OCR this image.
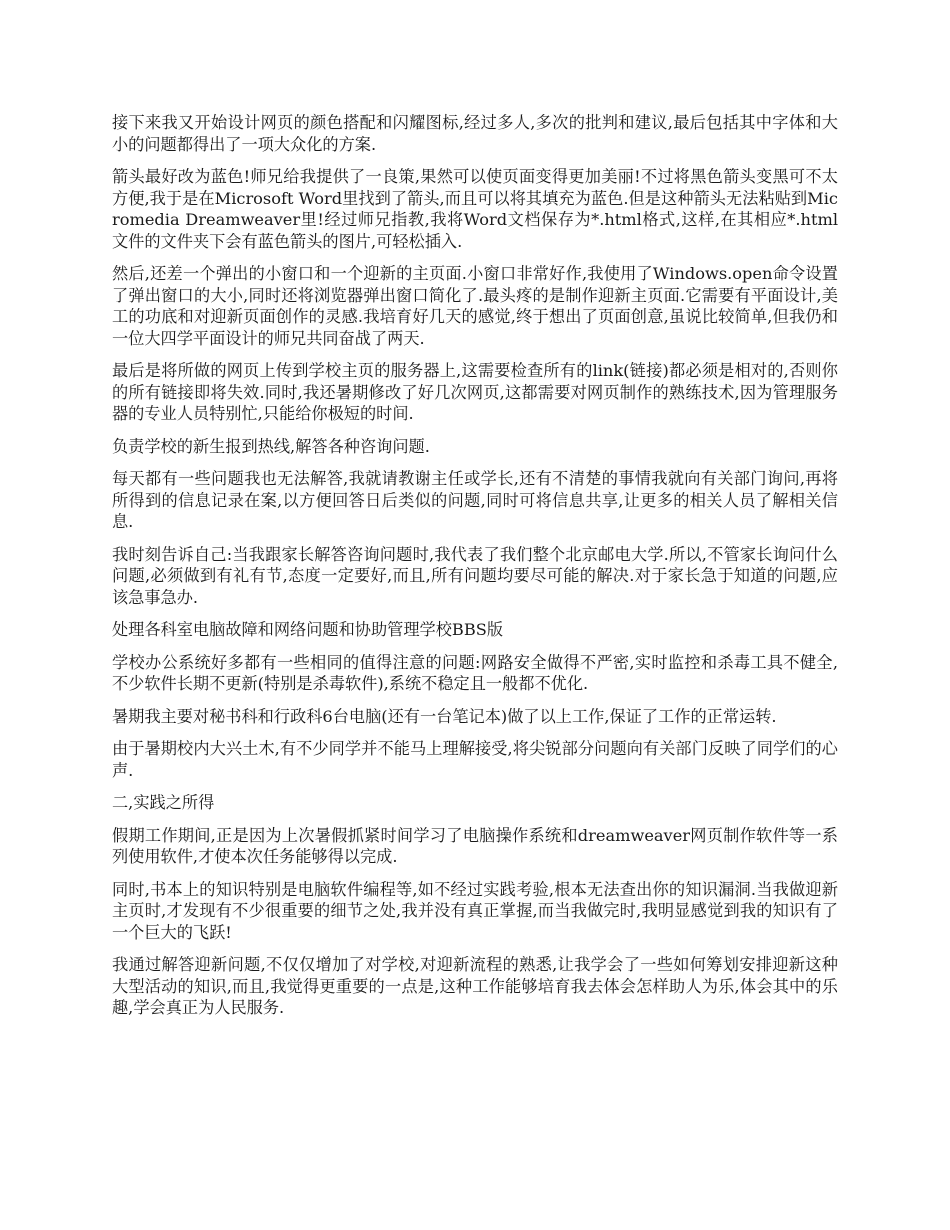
接下来我又开始设计网页的颜色搭配和闪耀图标,经过多人,多次的批判和建议,最后包括其中字体和大小的问题都得出了一项大众化的方案.

箭头最好改为蓝色!师兄给我提供了一良策,果然可以使页面变得更加美丽!不过将黑色箭头变黑可不太方便,我于是在Microsoft Word里找到了箭头,而且可以将其填充为蓝色.但是这种箭头无法粘贴到Micromedia Dreamweaver里!经过师兄指教,我将Word文档保存为*.html格式,这样,在其相应*.html文件的文件夹下会有蓝色箭头的图片,可轻松插入.

然后,还差一个弹出的小窗口和一个迎新的主页面.小窗口非常好作,我使用了Windows.open命令设置了弹出窗口的大小,同时还将浏览器弹出窗口简化了.最头疼的是制作迎新主页面.它需要有平面设计,美工的功底和对迎新页面创作的灵感.我培育好几天的感觉,终于想出了页面创意,虽说比较简单,但我仍和一位大四学平面设计的师兄共同奋战了两天.

最后是将所做的网页上传到学校主页的服务器上,这需要检查所有的link(链接)都必须是相对的,否则你的所有链接即将失效.同时,我还暑期修改了好几次网页,这都需要对网页制作的熟练技术,因为管理服务器的专业人员特别忙,只能给你极短的时间.

负责学校的新生报到热线,解答各种咨询问题.

每天都有一些问题我也无法解答,我就请教谢主任或学长,还有不清楚的事情我就向有关部门询问,再将所得到的信息记录在案,以方便回答日后类似的问题,同时可将信息共享,让更多的相关人员了解相关信息.

我时刻告诉自己:当我跟家长解答咨询问题时,我代表了我们整个北京邮电大学.所以,不管家长询问什么问题,必须做到有礼有节,态度一定要好,而且,所有问题均要尽可能的解决.对于家长急于知道的问题,应该急事急办.

处理各科室电脑故障和网络问题和协助管理学校BBS版

学校办公系统好多都有一些相同的值得注意的问题:网路安全做得不严密,实时监控和杀毒工具不健全,不少软件长期不更新(特别是杀毒软件),系统不稳定且一般都不优化.

暑期我主要对秘书科和行政科6台电脑(还有一台笔记本)做了以上工作,保证了工作的正常运转.

由于暑期校内大兴土木,有不少同学并不能马上理解接受,将尖锐部分问题向有关部门反映了同学们的心声.

二,实践之所得

假期工作期间,正是因为上次暑假抓紧时间学习了电脑操作系统和dreamweaver网页制作软件等一系列使用软件,才使本次任务能够得以完成.

同时,书本上的知识特别是电脑软件编程等,如不经过实践考验,根本无法查出你的知识漏洞.当我做迎新主页时,才发现有不少很重要的细节之处,我并没有真正掌握,而当我做完时,我明显感觉到我的知识有了一个巨大的飞跃!

我通过解答迎新问题,不仅仅增加了对学校,对迎新流程的熟悉,让我学会了一些如何筹划安排迎新这种大型活动的知识,而且,我觉得更重要的一点是,这种工作能够培育我去体会怎样助人为乐,体会其中的乐趣,学会真正为人民服务.
